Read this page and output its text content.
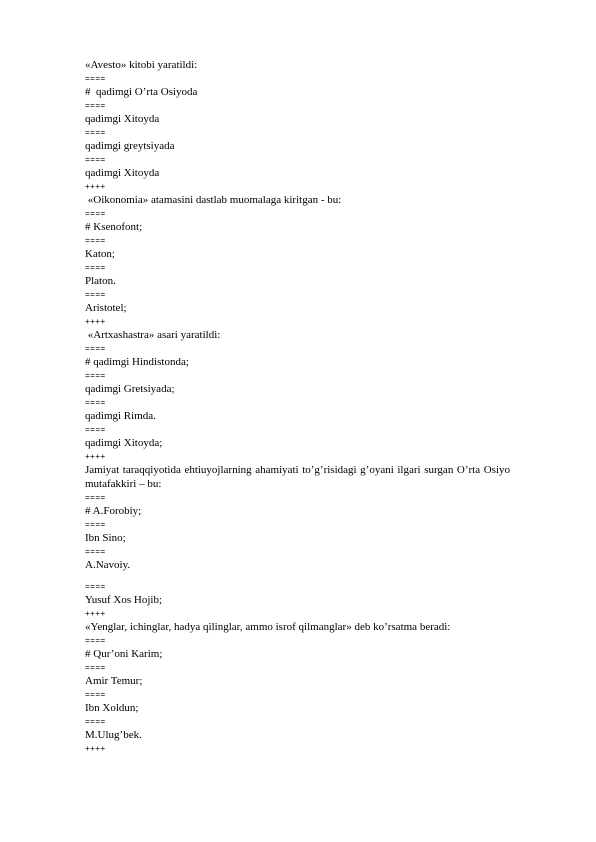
«Avesto» kitobi yaratildi:

====

#  qadimgi O’rta Osiyoda

====

qadimgi Xitoyda

====

qadimgi greytsiyada

====

qadimgi Xitoyda

++++

«Oikonomia» atamasini dastlab muomalaga kiritgan - bu:

====

# Ksenofont;

====

Katon;

====

Platon.

====

Aristotel;

++++

«Artxashastra» asari yaratildi:

====

# qadimgi Hindistonda;

====

qadimgi Gretsiyada;

====

qadimgi Rimda.

====

qadimgi Xitoyda;

++++

Jamiyat taraqqiyotida ehtiuyojlarning ahamiyati to’g’risidagi g’oyani ilgari surgan O’rta Osiyo mutafakkiri – bu:

====

# A.Forobiy;

====

Ibn Sino;

====

A.Navoiy.

====

Yusuf Xos Hojib;

++++

«Yenglar, ichinglar, hadya qilinglar, ammo isrof qilmanglar» deb ko’rsatma beradi:

====

# Qur’oni Karim;

====

Amir Temur;

====

Ibn Xoldun;

====

M.Ulug’bek.

++++
